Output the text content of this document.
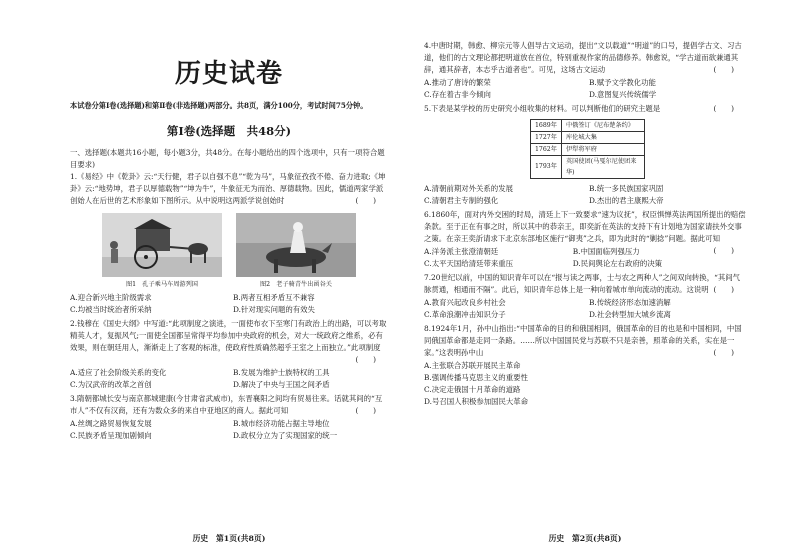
历史试卷
本试卷分第Ⅰ卷(选择题)和第Ⅱ卷(非选择题)两部分。共8页，满分100分，考试时间75分钟。
第Ⅰ卷(选择题　共48分)

一、选择题(本题共16小题，每小题3分，共48分。在每小题给出的四个选项中，只有一项符合题目要求)

1.《易经》中《乾卦》云:“天行健，君子以自强不息”“乾为马”，马象征孜孜不倦、奋力进取;《坤卦》云:“地势坤，君子以厚德载物”“坤为牛”，牛象征无为而治、厚德载物。因此，儒道两家学派创始人在后世的艺术形象如下图所示。从中说明这两派学说创始时	(　　)

图1　孔子乘马车周游列国	图2　老子骑青牛出函谷关
A.迎合新兴地主阶级需求	B.两者互相矛盾互不兼容
C.均被当时统治者所采纳	D.针对现实问题的有效失

2.钱穆在《国史大纲》中写道:“此项制度之演进，一面使布衣下至寒门有政治上的出路，可以考取精英人才，复振风气;一面使全国都呈常得平均参加中央政府的机会，对大一统政府之维系，必有效果，则在朝廷用人，渐渐走上了客观的标准，使政府性质确然超乎王室之上而独立。”此项制度

(　　)
A.适应了社会阶级关系的变化	B.发展为维护士族特权的工具
C.为汉武帝的改革之首创	D.解决了中央与王国之间矛盾

3.隋朝都城长安与南京都城建康(今甘肃省武威市)，东晋襄阳之间均有贸易往来。话就其间的“互市人”不仅有汉商，还有为数众多的来自中亚地区的商人。据此可知	(　　)

A.丝绸之路贸易恢复发展	B.城市经济功能占据主导地位
C.民族矛盾呈现加剧倾向	D.政权分立为了实现国家的统一
历史　第1页(共8页)

4.中唐时期，韩愈、柳宗元等人倡导古文运动，提出“文以载道”“明道”的口号，提倡学古文、习古道，他们的古文理论都把明道放在首位，特别重视作家的品德修养。韩愈说，“学古道而欲兼通其辞，通其辞者，本志乎古道者也”。可见，这场古文运动	(　　)

A.推动了唐诗的繁荣	B.赋予文学教化功能
C.存在着古非今倾向	D.意图复兴传统儒学

5.下表是某学校的历史研究小组收集的材料。可以判断他们的研究主题是	(　　)

1689年	中俄签订《尼布楚条约》
1727年	库伦城大集
1762年	伊犁将军府
1793年	英国使团(马戛尔尼使团来华)
A.清朝前期对外关系的发展	B.统一多民族国家巩固
C.清朝君主专制的强化	D.杰出的君主康熙大帝

6.1860年，面对内外交困的时局，清廷上下一致要求“速为议抚”，权臣惧惮英法两国所提出的赔偿条款。至于正在有事之时，所以其中的恭亲王，即奕訢在英法的支持下有计划地为国家请扶外交事之策。在亲王奕訢请求下北京东部地区施行“御夷”之兵，即为此时的“剿捻”问题。据此可知
(　　)

A.洋务派主张澄清朝廷	B.中国面临列强压力
C.太平天国给清廷带来重压	D.民间舆论左右政府的决策

7.20世纪以前，中国的知识青年可以在“报与读之两事，士与农之两种人”之间双向转换，“其间气脉贯通，相通而不隔”。此后，知识青年总体上是一种向着城市单向流动的流动。这说明 (　　)

A.教育兴起改良乡村社会	B.传统经济形态加速消解
C.革命浪潮冲击知识分子	D.社会转型加大城乡流离

8.1924年1月，孙中山指出:“中国革命的目的和俄国相同，俄国革命的目的也是和中国相同，中国同俄国革命都是走同一条路。……所以中国国民党与苏联不只是亲善，照革命的关系，实在是一家。”这表明孙中山	(　　)

A.主张联合苏联开展民主革命
B.强调传播马克思主义的重要性
C.决定走俄国十月革命的道路
D.号召国人积极参加国民大革命
历史　第2页(共8页)
